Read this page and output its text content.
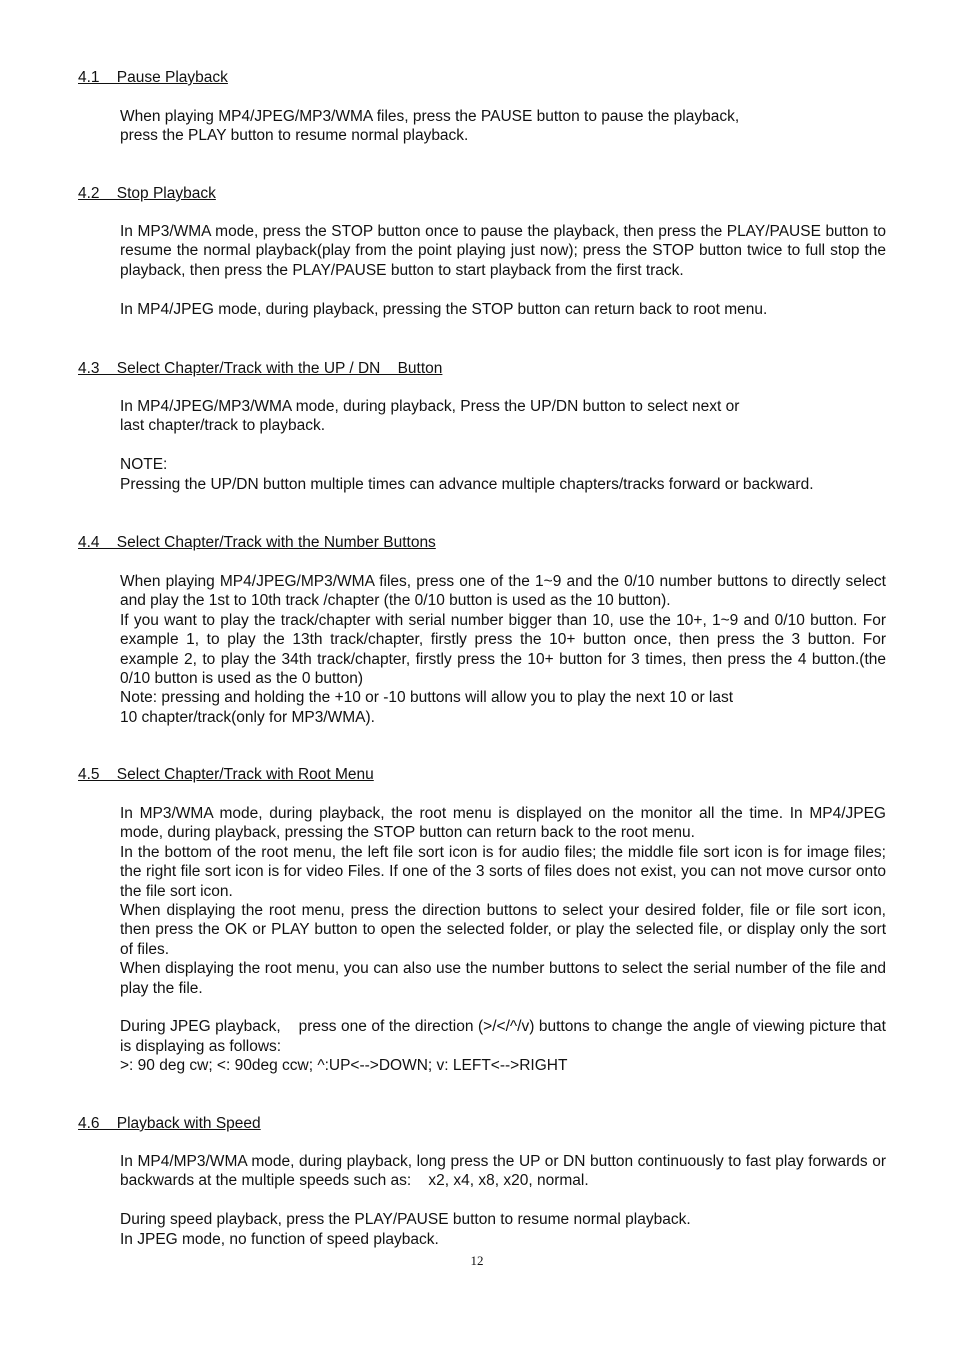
4.1    Pause Playback

When playing MP4/JPEG/MP3/WMA files, press the PAUSE button to pause the playback,

press the PLAY button to resume normal playback.

4.2    Stop Playback

In MP3/WMA mode, press the STOP button once to pause the playback, then press the PLAY/PAUSE button to resume the normal playback(play from the point playing just now); press the STOP button twice to full stop the playback, then press the PLAY/PAUSE button to start playback from the first track.

In MP4/JPEG mode, during playback, pressing the STOP button can return back to root menu.

4.3    Select Chapter/Track with the UP / DN    Button

In MP4/JPEG/MP3/WMA mode, during playback, Press the UP/DN button to select next or

last chapter/track to playback.

NOTE:

Pressing the UP/DN button multiple times can advance multiple chapters/tracks forward or backward.

4.4    Select Chapter/Track with the Number Buttons

When playing MP4/JPEG/MP3/WMA files, press one of the 1~9 and the 0/10 number buttons to directly select and play the 1st to 10th track /chapter (the 0/10 button is used as the 10 button).

If you want to play the track/chapter with serial number bigger than 10, use the 10+, 1~9 and 0/10 button. For example 1, to play the 13th track/chapter, firstly press the 10+ button once, then press the 3 button. For example 2, to play the 34th track/chapter, firstly press the 10+ button for 3 times, then press the 4 button.(the 0/10 button is used as the 0 button)

Note: pressing and holding the +10 or -10 buttons will allow you to play the next 10 or last

10 chapter/track(only for MP3/WMA).

4.5    Select Chapter/Track with Root Menu

In MP3/WMA mode, during playback, the root menu is displayed on the monitor all the time. In MP4/JPEG mode, during playback, pressing the STOP button can return back to the root menu.

In the bottom of the root menu, the left file sort icon is for audio files; the middle file sort icon is for image files; the right file sort icon is for video Files. If one of the 3 sorts of files does not exist, you can not move cursor onto the file sort icon.

When displaying the root menu, press the direction buttons to select your desired folder, file or file sort icon, then press the OK or PLAY button to open the selected folder, or play the selected file, or display only the sort of files.

When displaying the root menu, you can also use the number buttons to select the serial number of the file and play the file.

During JPEG playback,    press one of the direction (>/</^/v) buttons to change the angle of viewing picture that is displaying as follows:

>: 90 deg cw; <: 90deg ccw; ^:UP<-->DOWN; v: LEFT<-->RIGHT

4.6    Playback with Speed

In MP4/MP3/WMA mode, during playback, long press the UP or DN button continuously to fast play forwards or backwards at the multiple speeds such as:    x2, x4, x8, x20, normal.

During speed playback, press the PLAY/PAUSE button to resume normal playback.

In JPEG mode, no function of speed playback.

12
